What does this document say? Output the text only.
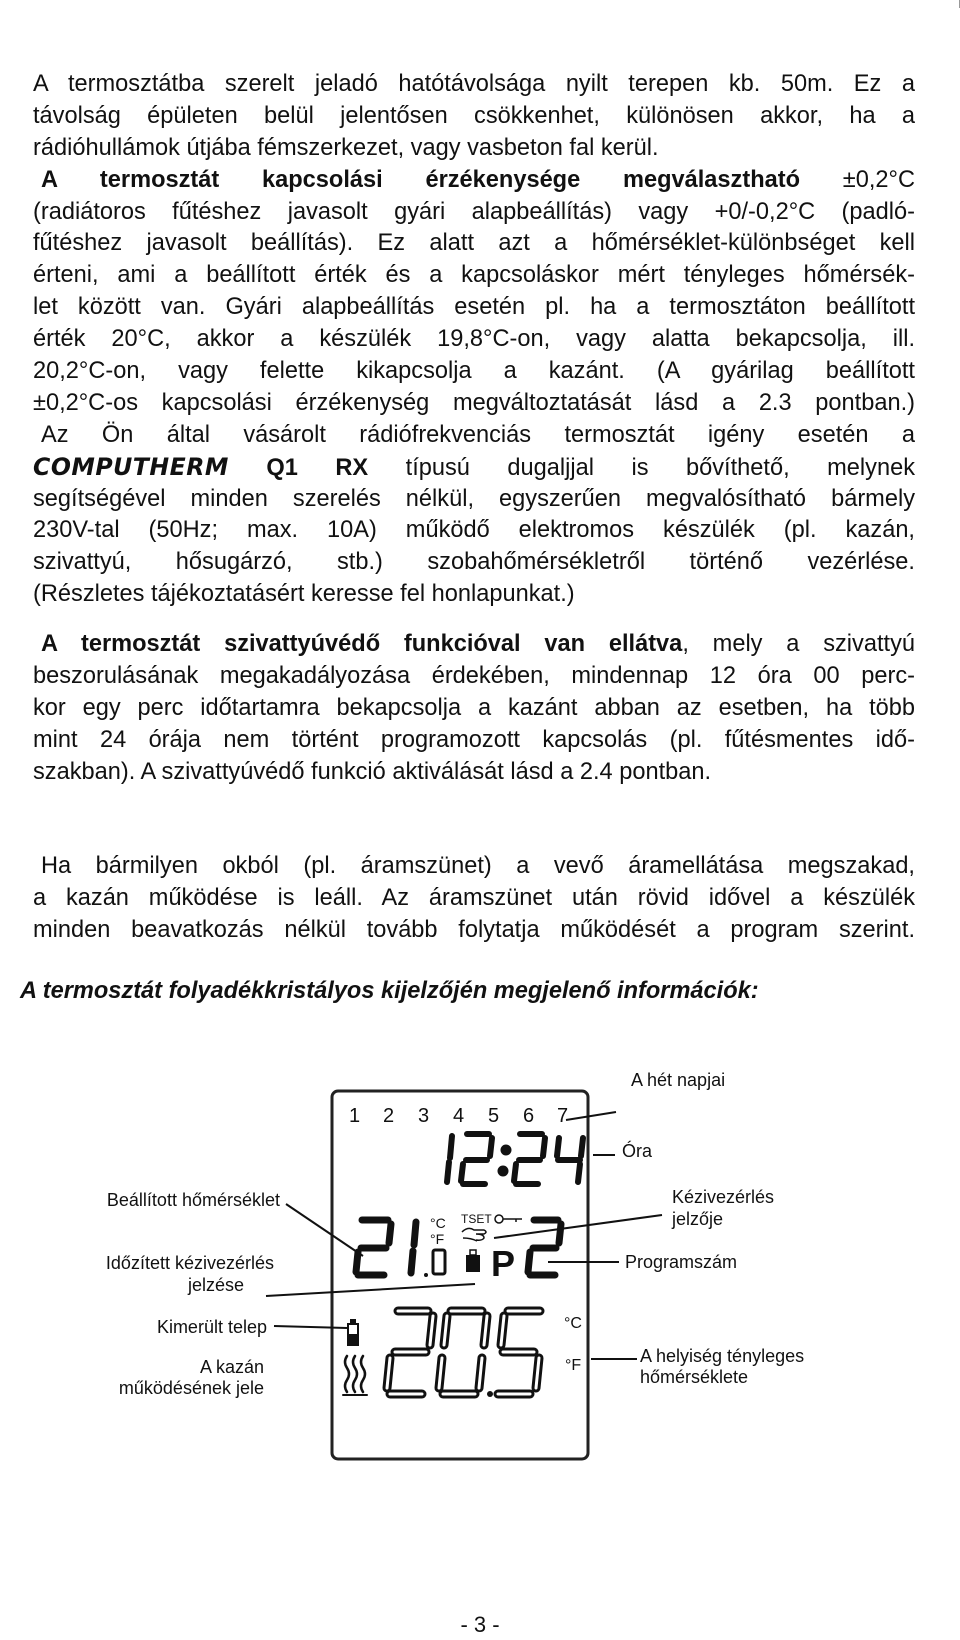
A termosztátba szerelt jeladó hatótávolsága nyilt terepen kb. 50m. Ez a
távolság épületen belül jelentősen csökkenhet, különösen akkor, ha a
rádióhullámok útjába fémszerkezet, vagy vasbeton fal kerül.
A termosztát kapcsolási érzékenysége megválasztható ±0,2°C
(radiátoros fűtéshez javasolt gyári alapbeállítás) vagy +0/-0,2°C (padló-
fűtéshez javasolt beállítás). Ez alatt azt a hőmérséklet-különbséget kell
érteni, ami a beállított érték és a kapcsoláskor mért tényleges hőmérsék-
let között van. Gyári alapbeállítás esetén pl. ha a termosztáton beállított
érték 20°C, akkor a készülék 19,8°C-on, vagy alatta bekapcsolja, ill.
20,2°C-on, vagy felette kikapcsolja a kazánt. (A gyárilag beállított
±0,2°C-os kapcsolási érzékenység megváltoztatását lásd a 2.3 pontban.)
Az Ön által vásárolt rádiófrekvenciás termosztát igény esetén a
COMPUTHERM Q1 RX típusú dugaljjal is bővíthető, melynek
segítségével minden szerelés nélkül, egyszerűen megvalósítható bármely
230V-tal (50Hz; max. 10A) működő elektromos készülék (pl. kazán,
szivattyú, hősugárzó, stb.) szobahőmérsékletről történő vezérlése.
(Részletes tájékoztatásért keresse fel honlapunkat.)
A termosztát szivattyúvédő funkcióval van ellátva, mely a szivattyú
beszorulásának megakadályozása érdekében, mindennap 12 óra 00 perc-
kor egy perc időtartamra bekapcsolja a kazánt abban az esetben, ha több
mint 24 órája nem történt programozott kapcsolás (pl. fűtésmentes idő-
szakban). A szivattyúvédő funkció aktiválását lásd a 2.4 pontban.
Ha bármilyen okból (pl. áramszünet) a vevő áramellátása megszakad,
a kazán működése is leáll. Az áramszünet után rövid idővel a készülék
minden beavatkozás nélkül tovább folytatja működését a program szerint.
A termosztát folyadékkristályos kijelzőjén megjelenő információk:
1 2 3 4 5 6 7
°C
°F
TSET
P
°C
°F
A hét napjai
Óra
Beállított hőmérséklet	Kézivezérlés
jelzője
Időzített kézivezérlés
jelzése
Programszám
Kimerült telep
A kazán
működésének jele
A helyiség tényleges
hőmérséklete
- 3 -
